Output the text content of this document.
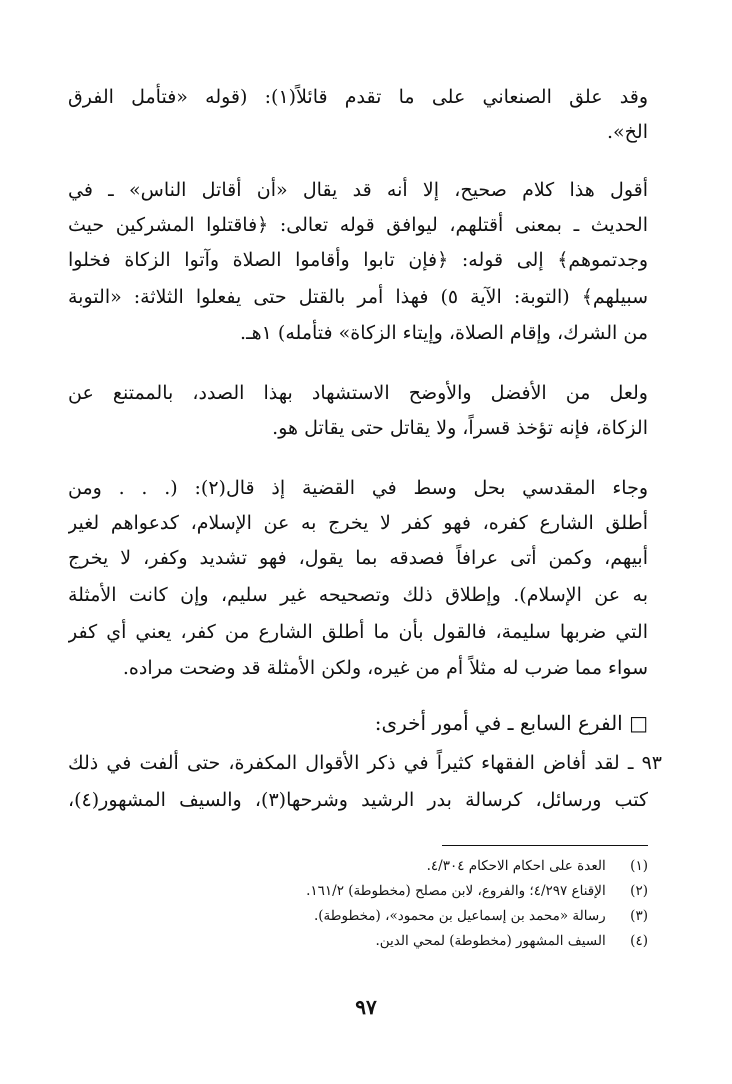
وقد علق الصنعاني على ما تقدم قائلاً(١): (قوله «فتأمل الفرق
الخ».
أقول هذا كلام صحيح، إلا أنه قد يقال «أن أقاتل الناس» ـ في
الحديث ـ بمعنى أقتلهم، ليوافق قوله تعالى: ﴿فاقتلوا المشركين حيث
وجدتموهم﴾ إلى قوله: ﴿فإن تابوا وأقاموا الصلاة وآتوا الزكاة فخلوا
سبيلهم﴾ (التوبة: الآية ٥) فهذا أمر بالقتل حتى يفعلوا الثلاثة: «التوبة
من الشرك، وإقام الصلاة، وإيتاء الزكاة» فتأمله) ١هـ.
ولعل من الأفضل والأوضح الاستشهاد بهذا الصدد، بالممتنع عن
الزكاة، فإنه تؤخذ قسراً، ولا يقاتل حتى يقاتل هو.
وجاء المقدسي بحل وسط في القضية إذ قال(٢): (. . . ومن
أطلق الشارع كفره، فهو كفر لا يخرج به عن الإسلام، كدعواهم لغير
أبيهم، وكمن أتى عرافاً فصدقه بما يقول، فهو تشديد وكفر، لا يخرج
به عن الإسلام). وإطلاق ذلك وتصحيحه غير سليم، وإن كانت الأمثلة
التي ضربها سليمة، فالقول بأن ما أطلق الشارع من كفر، يعني أي كفر
سواء مما ضرب له مثلاً أم من غيره، ولكن الأمثلة قد وضحت مراده.
□ الفرع السابع ـ في أمور أخرى:
٩٣ ـ لقد أفاض الفقهاء كثيراً في ذكر الأقوال المكفرة، حتى ألفت في ذلك
كتب ورسائل، كرسالة بدر الرشيد وشرحها(٣)، والسيف المشهور(٤)،
(١) العدة على احكام الاحكام ٤/٣٠٤.
(٢) الإقناع ٤/٢٩٧؛ والفروع، لابن مصلح (مخطوطة) ١٦١/٢.
(٣) رسالة «محمد بن إسماعيل بن محمود»، (مخطوطة).
(٤) السيف المشهور (مخطوطة) لمحي الدين.
٩٧
